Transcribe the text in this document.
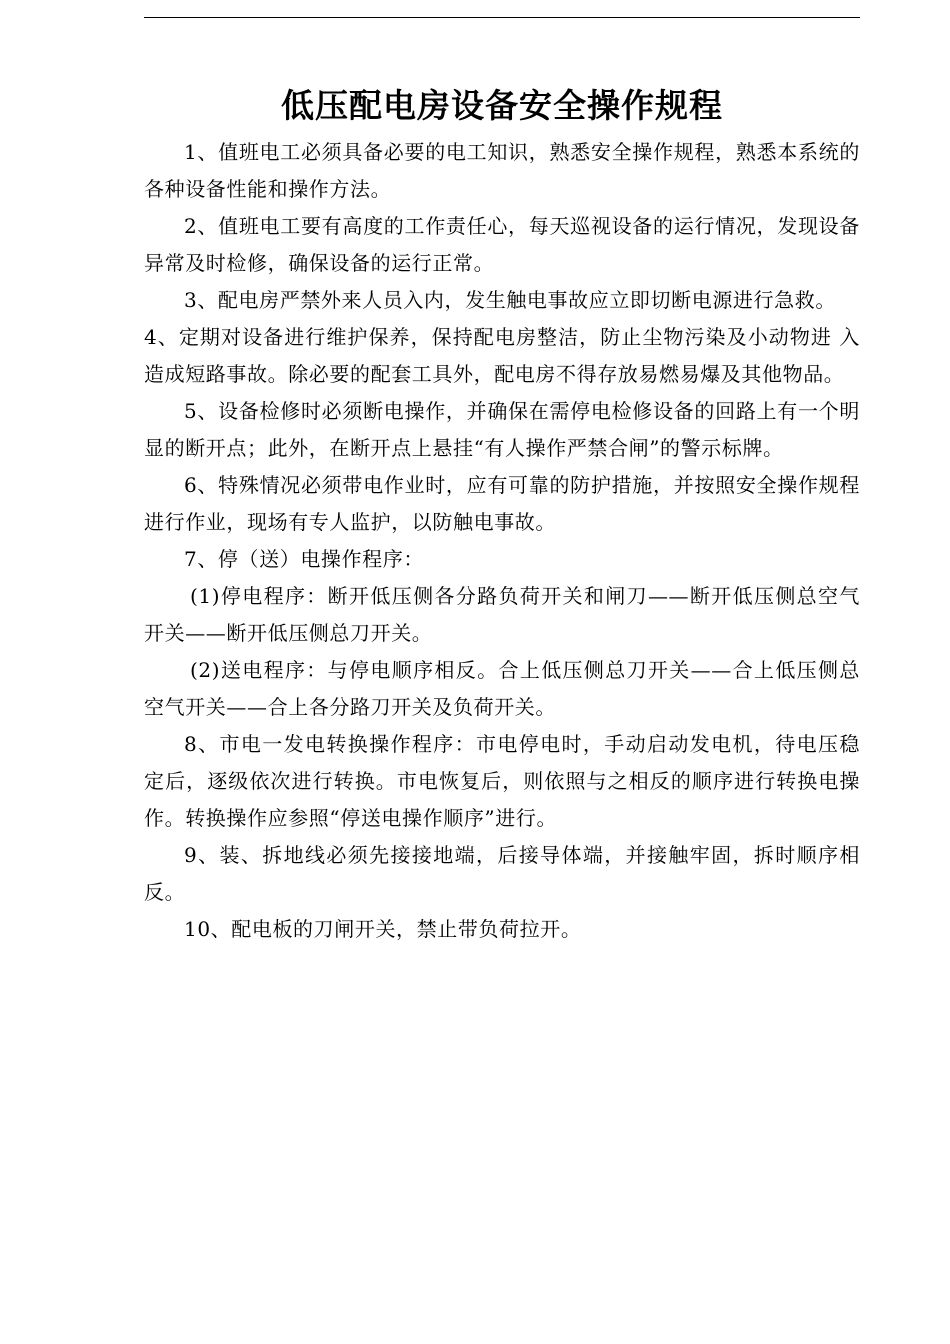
低压配电房设备安全操作规程

1、值班电工必须具备必要的电工知识，熟悉安全操作规程，熟悉本系统的 各种设备性能和操作方法。

2、值班电工要有高度的工作责任心，每天巡视设备的运行情况，发现设备 异常及时检修，确保设备的运行正常。

3、配电房严禁外来人员入内，发生触电事故应立即切断电源进行急救。

4、定期对设备进行维护保养，保持配电房整洁，防止尘物污染及小动物进 入造成短路事故。除必要的配套工具外，配电房不得存放易燃易爆及其他物品。

5、设备检修时必须断电操作，并确保在需停电检修设备的回路上有一个明 显的断开点；此外，在断开点上悬挂“有人操作严禁合闸”的警示标牌。

6、特殊情况必须带电作业时，应有可靠的防护措施，并按照安全操作规程 进行作业，现场有专人监护，以防触电事故。

7、停（送）电操作程序：

(1)停电程序：断开低压侧各分路负荷开关和闸刀——断开低压侧总空气 开关——断开低压侧总刀开关。

(2)送电程序：与停电顺序相反。合上低压侧总刀开关——合上低压侧总 空气开关——合上各分路刀开关及负荷开关。

8、市电一发电转换操作程序：市电停电时，手动启动发电机，待电压稳 定后，逐级依次进行转换。市电恢复后，则依照与之相反的顺序进行转换电操 作。转换操作应参照“停送电操作顺序”进行。

9、装、拆地线必须先接接地端，后接导体端，并接触牢固，拆时顺序相反。

10、配电板的刀闸开关，禁止带负荷拉开。
